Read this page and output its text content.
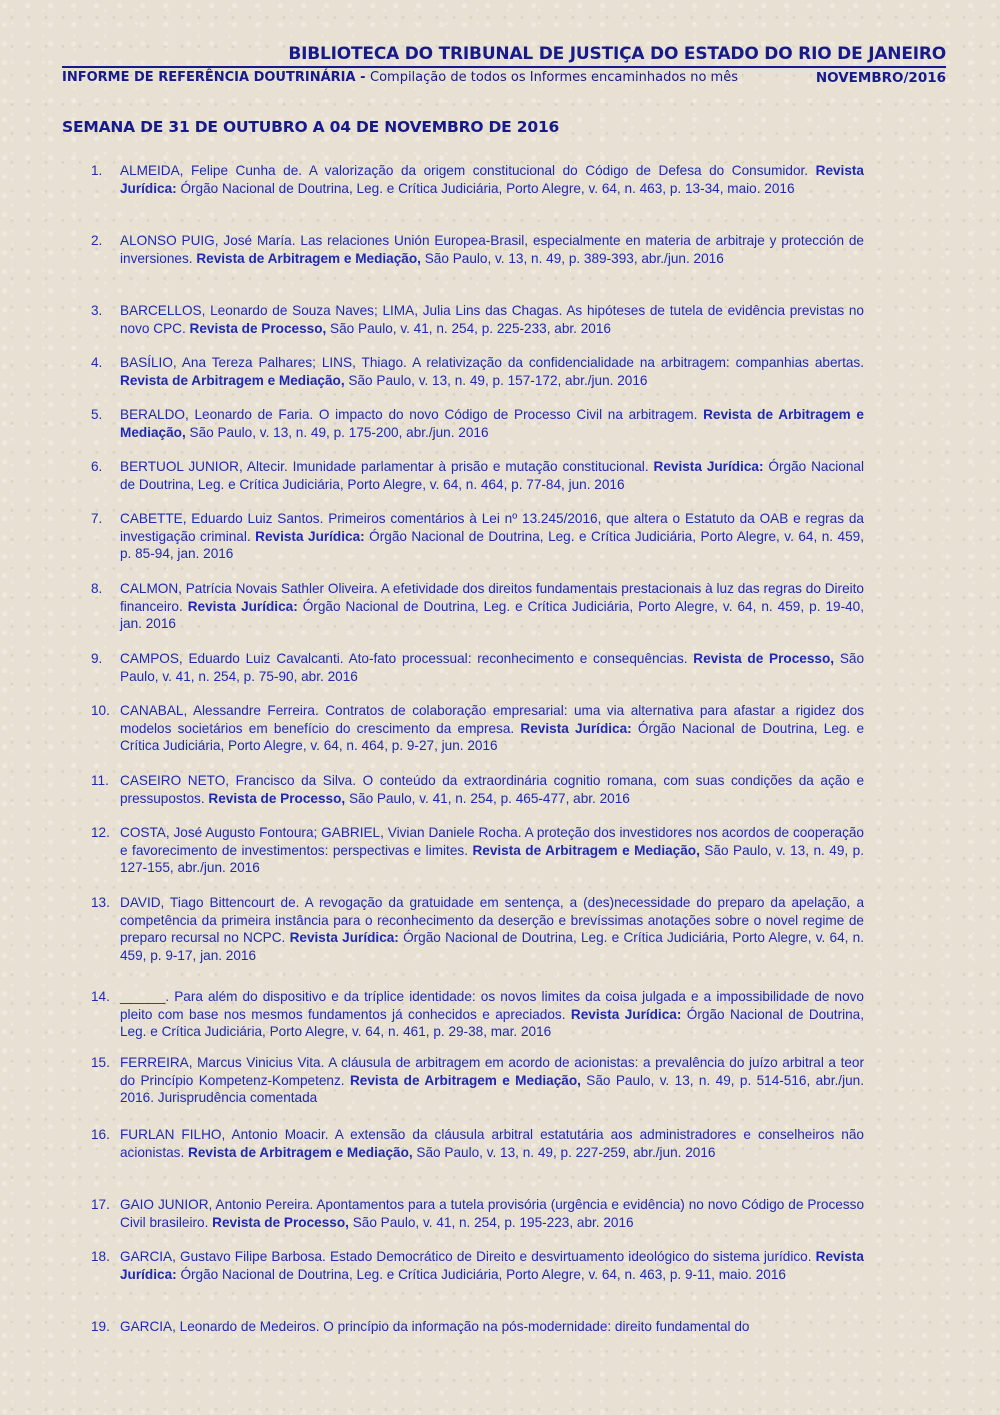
BIBLIOTECA DO TRIBUNAL DE JUSTIÇA DO ESTADO DO RIO DE JANEIRO
INFORME DE REFERÊNCIA DOUTRINÁRIA - Compilação de todos os Informes encaminhados no mês	NOVEMBRO/2016
SEMANA DE 31 DE OUTUBRO A 04 DE NOVEMBRO DE 2016
1. ALMEIDA, Felipe Cunha de. A valorização da origem constitucional do Código de Defesa do Consumidor. Revista Jurídica: Órgão Nacional de Doutrina, Leg. e Crítica Judiciária, Porto Alegre, v. 64, n. 463, p. 13-34, maio. 2016
2. ALONSO PUIG, José María. Las relaciones Unión Europea-Brasil, especialmente en materia de arbitraje y protección de inversiones. Revista de Arbitragem e Mediação, São Paulo, v. 13, n. 49, p. 389-393, abr./jun. 2016
3. BARCELLOS, Leonardo de Souza Naves; LIMA, Julia Lins das Chagas. As hipóteses de tutela de evidência previstas no novo CPC. Revista de Processo, São Paulo, v. 41, n. 254, p. 225-233, abr. 2016
4. BASÍLIO, Ana Tereza Palhares; LINS, Thiago. A relativização da confidencialidade na arbitragem: companhias abertas. Revista de Arbitragem e Mediação, São Paulo, v. 13, n. 49, p. 157-172, abr./jun. 2016
5. BERALDO, Leonardo de Faria. O impacto do novo Código de Processo Civil na arbitragem. Revista de Arbitragem e Mediação, São Paulo, v. 13, n. 49, p. 175-200, abr./jun. 2016
6. BERTUOL JUNIOR, Altecir. Imunidade parlamentar à prisão e mutação constitucional. Revista Jurídica: Órgão Nacional de Doutrina, Leg. e Crítica Judiciária, Porto Alegre, v. 64, n. 464, p. 77-84, jun. 2016
7. CABETTE, Eduardo Luiz Santos. Primeiros comentários à Lei nº 13.245/2016, que altera o Estatuto da OAB e regras da investigação criminal. Revista Jurídica: Órgão Nacional de Doutrina, Leg. e Crítica Judiciária, Porto Alegre, v. 64, n. 459, p. 85-94, jan. 2016
8. CALMON, Patrícia Novais Sathler Oliveira. A efetividade dos direitos fundamentais prestacionais à luz das regras do Direito financeiro. Revista Jurídica: Órgão Nacional de Doutrina, Leg. e Crítica Judiciária, Porto Alegre, v. 64, n. 459, p. 19-40, jan. 2016
9. CAMPOS, Eduardo Luiz Cavalcanti. Ato-fato processual: reconhecimento e consequências. Revista de Processo, São Paulo, v. 41, n. 254, p. 75-90, abr. 2016
10. CANABAL, Alessandre Ferreira. Contratos de colaboração empresarial: uma via alternativa para afastar a rigidez dos modelos societários em benefício do crescimento da empresa. Revista Jurídica: Órgão Nacional de Doutrina, Leg. e Crítica Judiciária, Porto Alegre, v. 64, n. 464, p. 9-27, jun. 2016
11. CASEIRO NETO, Francisco da Silva. O conteúdo da extraordinária cognitio romana, com suas condições da ação e pressupostos. Revista de Processo, São Paulo, v. 41, n. 254, p. 465-477, abr. 2016
12. COSTA, José Augusto Fontoura; GABRIEL, Vivian Daniele Rocha. A proteção dos investidores nos acordos de cooperação e favorecimento de investimentos: perspectivas e limites. Revista de Arbitragem e Mediação, São Paulo, v. 13, n. 49, p. 127-155, abr./jun. 2016
13. DAVID, Tiago Bittencourt de. A revogação da gratuidade em sentença, a (des)necessidade do preparo da apelação, a competência da primeira instância para o reconhecimento da deserção e brevíssimas anotações sobre o novel regime de preparo recursal no NCPC. Revista Jurídica: Órgão Nacional de Doutrina, Leg. e Crítica Judiciária, Porto Alegre, v. 64, n. 459, p. 9-17, jan. 2016
14. ______. Para além do dispositivo e da tríplice identidade: os novos limites da coisa julgada e a impossibilidade de novo pleito com base nos mesmos fundamentos já conhecidos e apreciados. Revista Jurídica: Órgão Nacional de Doutrina, Leg. e Crítica Judiciária, Porto Alegre, v. 64, n. 461, p. 29-38, mar. 2016
15. FERREIRA, Marcus Vinicius Vita. A cláusula de arbitragem em acordo de acionistas: a prevalência do juízo arbitral a teor do Princípio Kompetenz-Kompetenz. Revista de Arbitragem e Mediação, São Paulo, v. 13, n. 49, p. 514-516, abr./jun. 2016. Jurisprudência comentada
16. FURLAN FILHO, Antonio Moacir. A extensão da cláusula arbitral estatutária aos administradores e conselheiros não acionistas. Revista de Arbitragem e Mediação, São Paulo, v. 13, n. 49, p. 227-259, abr./jun. 2016
17. GAIO JUNIOR, Antonio Pereira. Apontamentos para a tutela provisória (urgência e evidência) no novo Código de Processo Civil brasileiro. Revista de Processo, São Paulo, v. 41, n. 254, p. 195-223, abr. 2016
18. GARCIA, Gustavo Filipe Barbosa. Estado Democrático de Direito e desvirtuamento ideológico do sistema jurídico. Revista Jurídica: Órgão Nacional de Doutrina, Leg. e Crítica Judiciária, Porto Alegre, v. 64, n. 463, p. 9-11, maio. 2016
19. GARCIA, Leonardo de Medeiros. O princípio da informação na pós-modernidade: direito fundamental do
